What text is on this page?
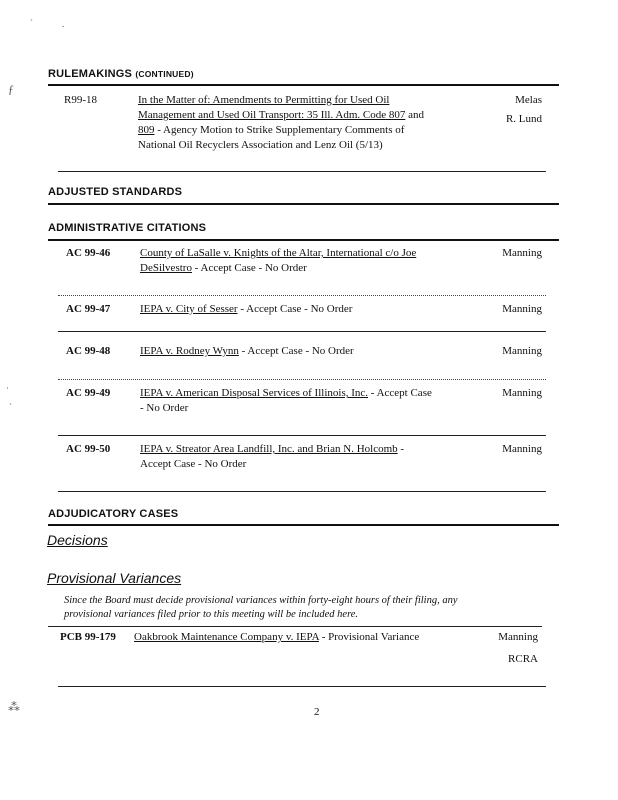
`	.
ƒ
·
`
⁂
RULEMAKINGS (CONTINUED)
R99-18	In the Matter of: Amendments to Permitting for Used Oil
Management and Used Oil Transport: 35 Ill. Adm. Code 807 and
809 - Agency Motion to Strike Supplementary Comments of
National Oil Recyclers Association and Lenz Oil (5/13)
Melas
R. Lund
ADJUSTED STANDARDS
ADMINISTRATIVE CITATIONS
AC 99-46	County of LaSalle v. Knights of the Altar, International c/o Joe
DeSilvestro - Accept Case - No Order
Manning
AC 99-47	IEPA v. City of Sesser - Accept Case - No Order	Manning
AC 99-48	IEPA v. Rodney Wynn - Accept Case - No Order	Manning
AC 99-49	IEPA v. American Disposal Services of Illinois, Inc. - Accept Case
- No Order
Manning
AC 99-50	IEPA v. Streator Area Landfill, Inc. and Brian N. Holcomb -
Accept Case - No Order
Manning
ADJUDICATORY CASES
Decisions
Provisional Variances
Since the Board must decide provisional variances within forty-eight hours of their filing, any
provisional variances filed prior to this meeting will be included here.
PCB 99-179 Oakbrook Maintenance Company v. IEPA - Provisional Variance	Manning
RCRA
2
